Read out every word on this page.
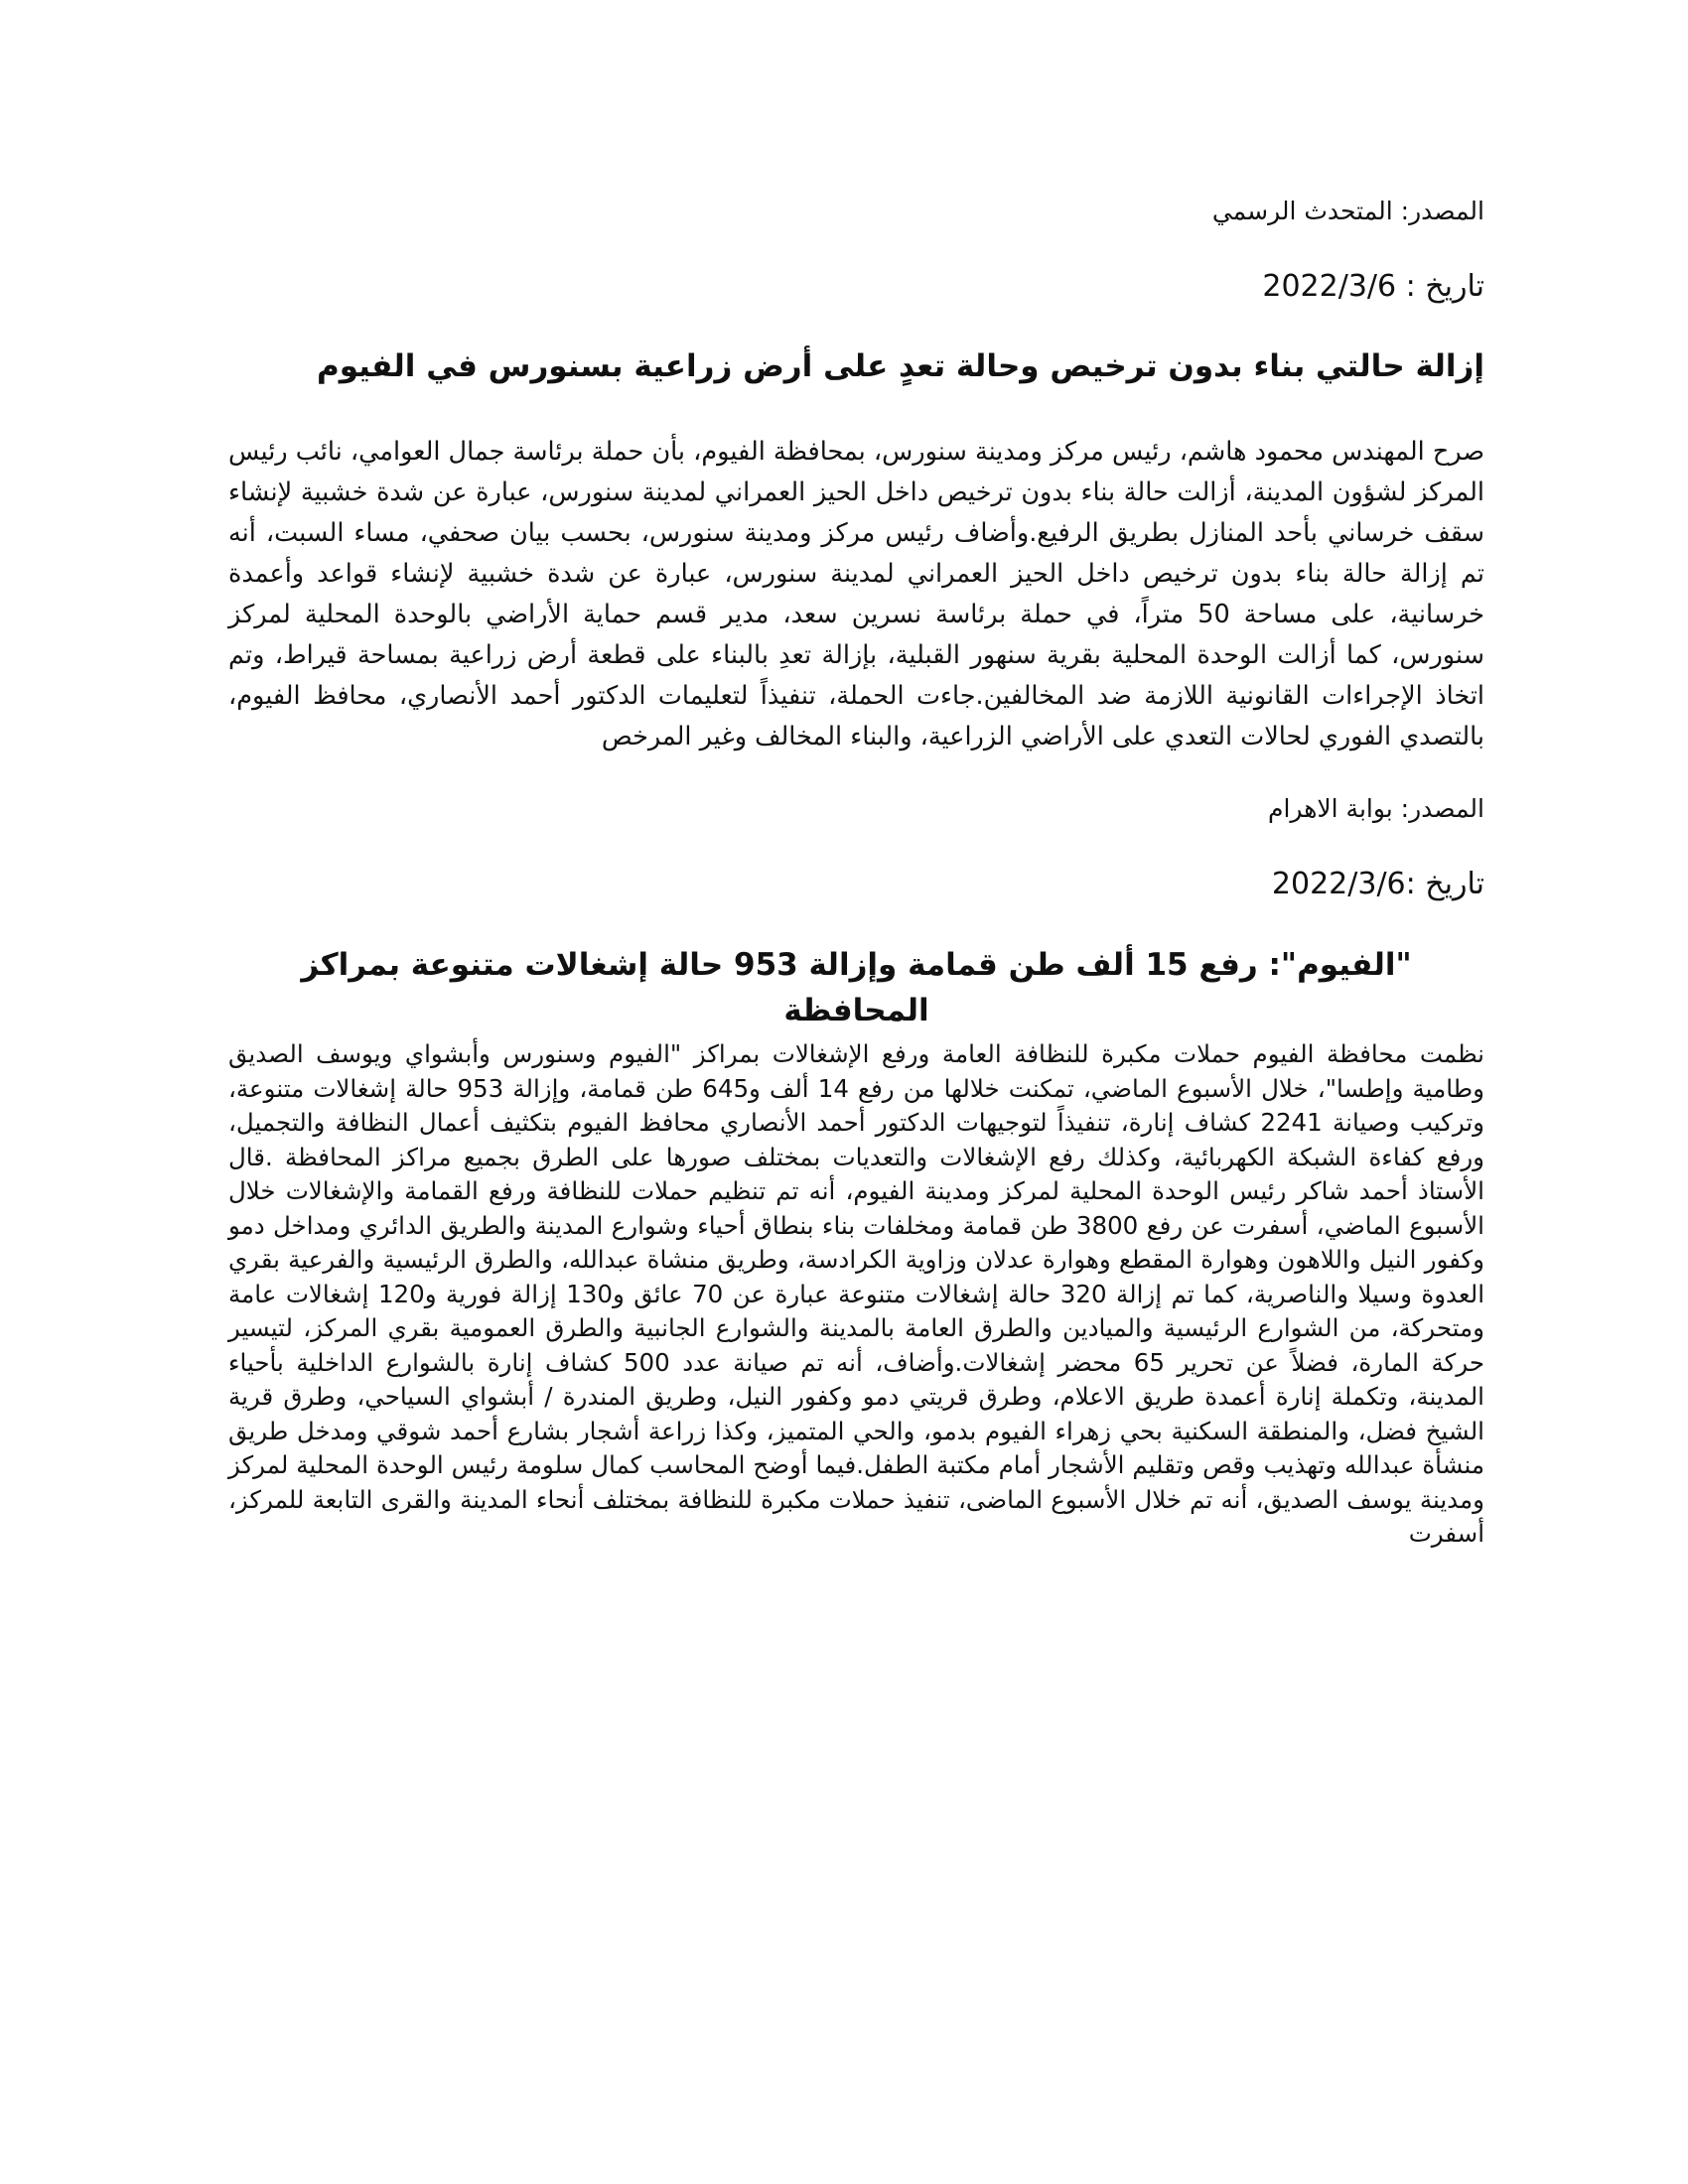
المصدر: المتحدث الرسمي

تاريخ : 2022/3/6

إزالة حالتي بناء بدون ترخيص وحالة تعدٍ على أرض زراعية بسنورس في الفيوم

صرح المهندس محمود هاشم، رئيس مركز ومدينة سنورس، بمحافظة الفيوم، بأن حملة برئاسة جمال العوامي، نائب رئيس المركز لشؤون المدينة، أزالت حالة بناء بدون ترخيص داخل الحيز العمراني لمدينة سنورس، عبارة عن شدة خشبية لإنشاء سقف خرساني بأحد المنازل بطريق الرفيع.وأضاف رئيس مركز ومدينة سنورس، بحسب بيان صحفي، مساء السبت، أنه تم إزالة حالة بناء بدون ترخيص داخل الحيز العمراني لمدينة سنورس، عبارة عن شدة خشبية لإنشاء قواعد وأعمدة خرسانية، على مساحة 50 متراً، في حملة برئاسة نسرين سعد، مدير قسم حماية الأراضي بالوحدة المحلية لمركز سنورس، كما أزالت الوحدة المحلية بقرية سنهور القبلية، بإزالة تعدِ بالبناء على قطعة أرض زراعية بمساحة قيراط، وتم اتخاذ الإجراءات القانونية اللازمة ضد المخالفين.جاءت الحملة، تنفيذاً لتعليمات الدكتور أحمد الأنصاري، محافظ الفيوم، بالتصدي الفوري لحالات التعدي على الأراضي الزراعية، والبناء المخالف وغير المرخص

المصدر: بوابة الاهرام

تاريخ :2022/3/6

"الفيوم": رفع 15 ألف طن قمامة وإزالة 953 حالة إشغالات متنوعة بمراكز المحافظة

نظمت محافظة الفيوم حملات مكبرة للنظافة العامة ورفع الإشغالات بمراكز "الفيوم وسنورس وأبشواي ويوسف الصديق وطامية وإطسا"، خلال الأسبوع الماضي، تمكنت خلالها من رفع 14 ألف و645 طن قمامة، وإزالة 953 حالة إشغالات متنوعة، وتركيب وصيانة 2241 كشاف إنارة، تنفيذاً لتوجيهات الدكتور أحمد الأنصاري محافظ الفيوم بتكثيف أعمال النظافة والتجميل، ورفع كفاءة الشبكة الكهربائية، وكذلك رفع الإشغالات والتعديات بمختلف صورها على الطرق بجميع مراكز المحافظة .قال الأستاذ أحمد شاكر رئيس الوحدة المحلية لمركز ومدينة الفيوم، أنه تم تنظيم حملات للنظافة ورفع القمامة والإشغالات خلال الأسبوع الماضي، أسفرت عن رفع 3800 طن قمامة ومخلفات بناء بنطاق أحياء وشوارع المدينة والطريق الدائري ومداخل دمو وكفور النيل واللاهون وهوارة المقطع وهوارة عدلان وزاوية الكرادسة، وطريق منشاة عبدالله، والطرق الرئيسية والفرعية بقري العدوة وسيلا والناصرية، كما تم إزالة 320 حالة إشغالات متنوعة عبارة عن 70 عائق و130 إزالة فورية و120 إشغالات عامة ومتحركة، من الشوارع الرئيسية والميادين والطرق العامة بالمدينة والشوارع الجانبية والطرق العمومية بقري المركز، لتيسير حركة المارة، فضلاً عن تحرير 65 محضر إشغالات.وأضاف، أنه تم صيانة عدد 500 كشاف إنارة بالشوارع الداخلية بأحياء المدينة، وتكملة إنارة أعمدة طريق الاعلام، وطرق قريتي دمو وكفور النيل، وطريق المندرة / أبشواي السياحي، وطرق قرية الشيخ فضل، والمنطقة السكنية بحي زهراء الفيوم بدمو، والحي المتميز، وكذا زراعة أشجار بشارع أحمد شوقي ومدخل طريق منشأة عبدالله وتهذيب وقص وتقليم الأشجار أمام مكتبة الطفل.فيما أوضح المحاسب كمال سلومة رئيس الوحدة المحلية لمركز ومدينة يوسف الصديق، أنه تم خلال الأسبوع الماضى، تنفيذ حملات مكبرة للنظافة بمختلف أنحاء المدينة والقرى التابعة للمركز، أسفرت
